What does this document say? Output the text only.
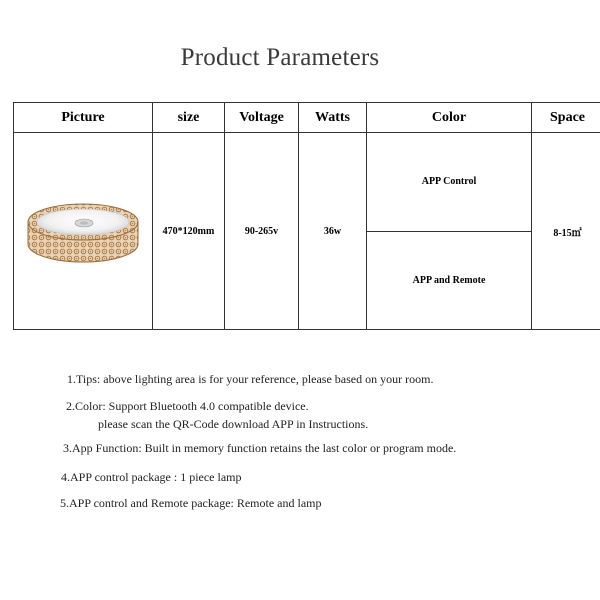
Product Parameters
Picture	size	Voltage	Watts	Color	Space

	470*120mm	90-265v	36w	APP Control	8-15㎡
				APP and Remote	
1.Tips: above lighting area is for your reference, please based on your room.
2.Color: Support Bluetooth 4.0 compatible device.
please scan the QR-Code download APP in Instructions.
3.App Function: Built in memory function retains the last color or program mode.
4.APP control package : 1 piece lamp
5.APP control and Remote package: Remote and lamp
